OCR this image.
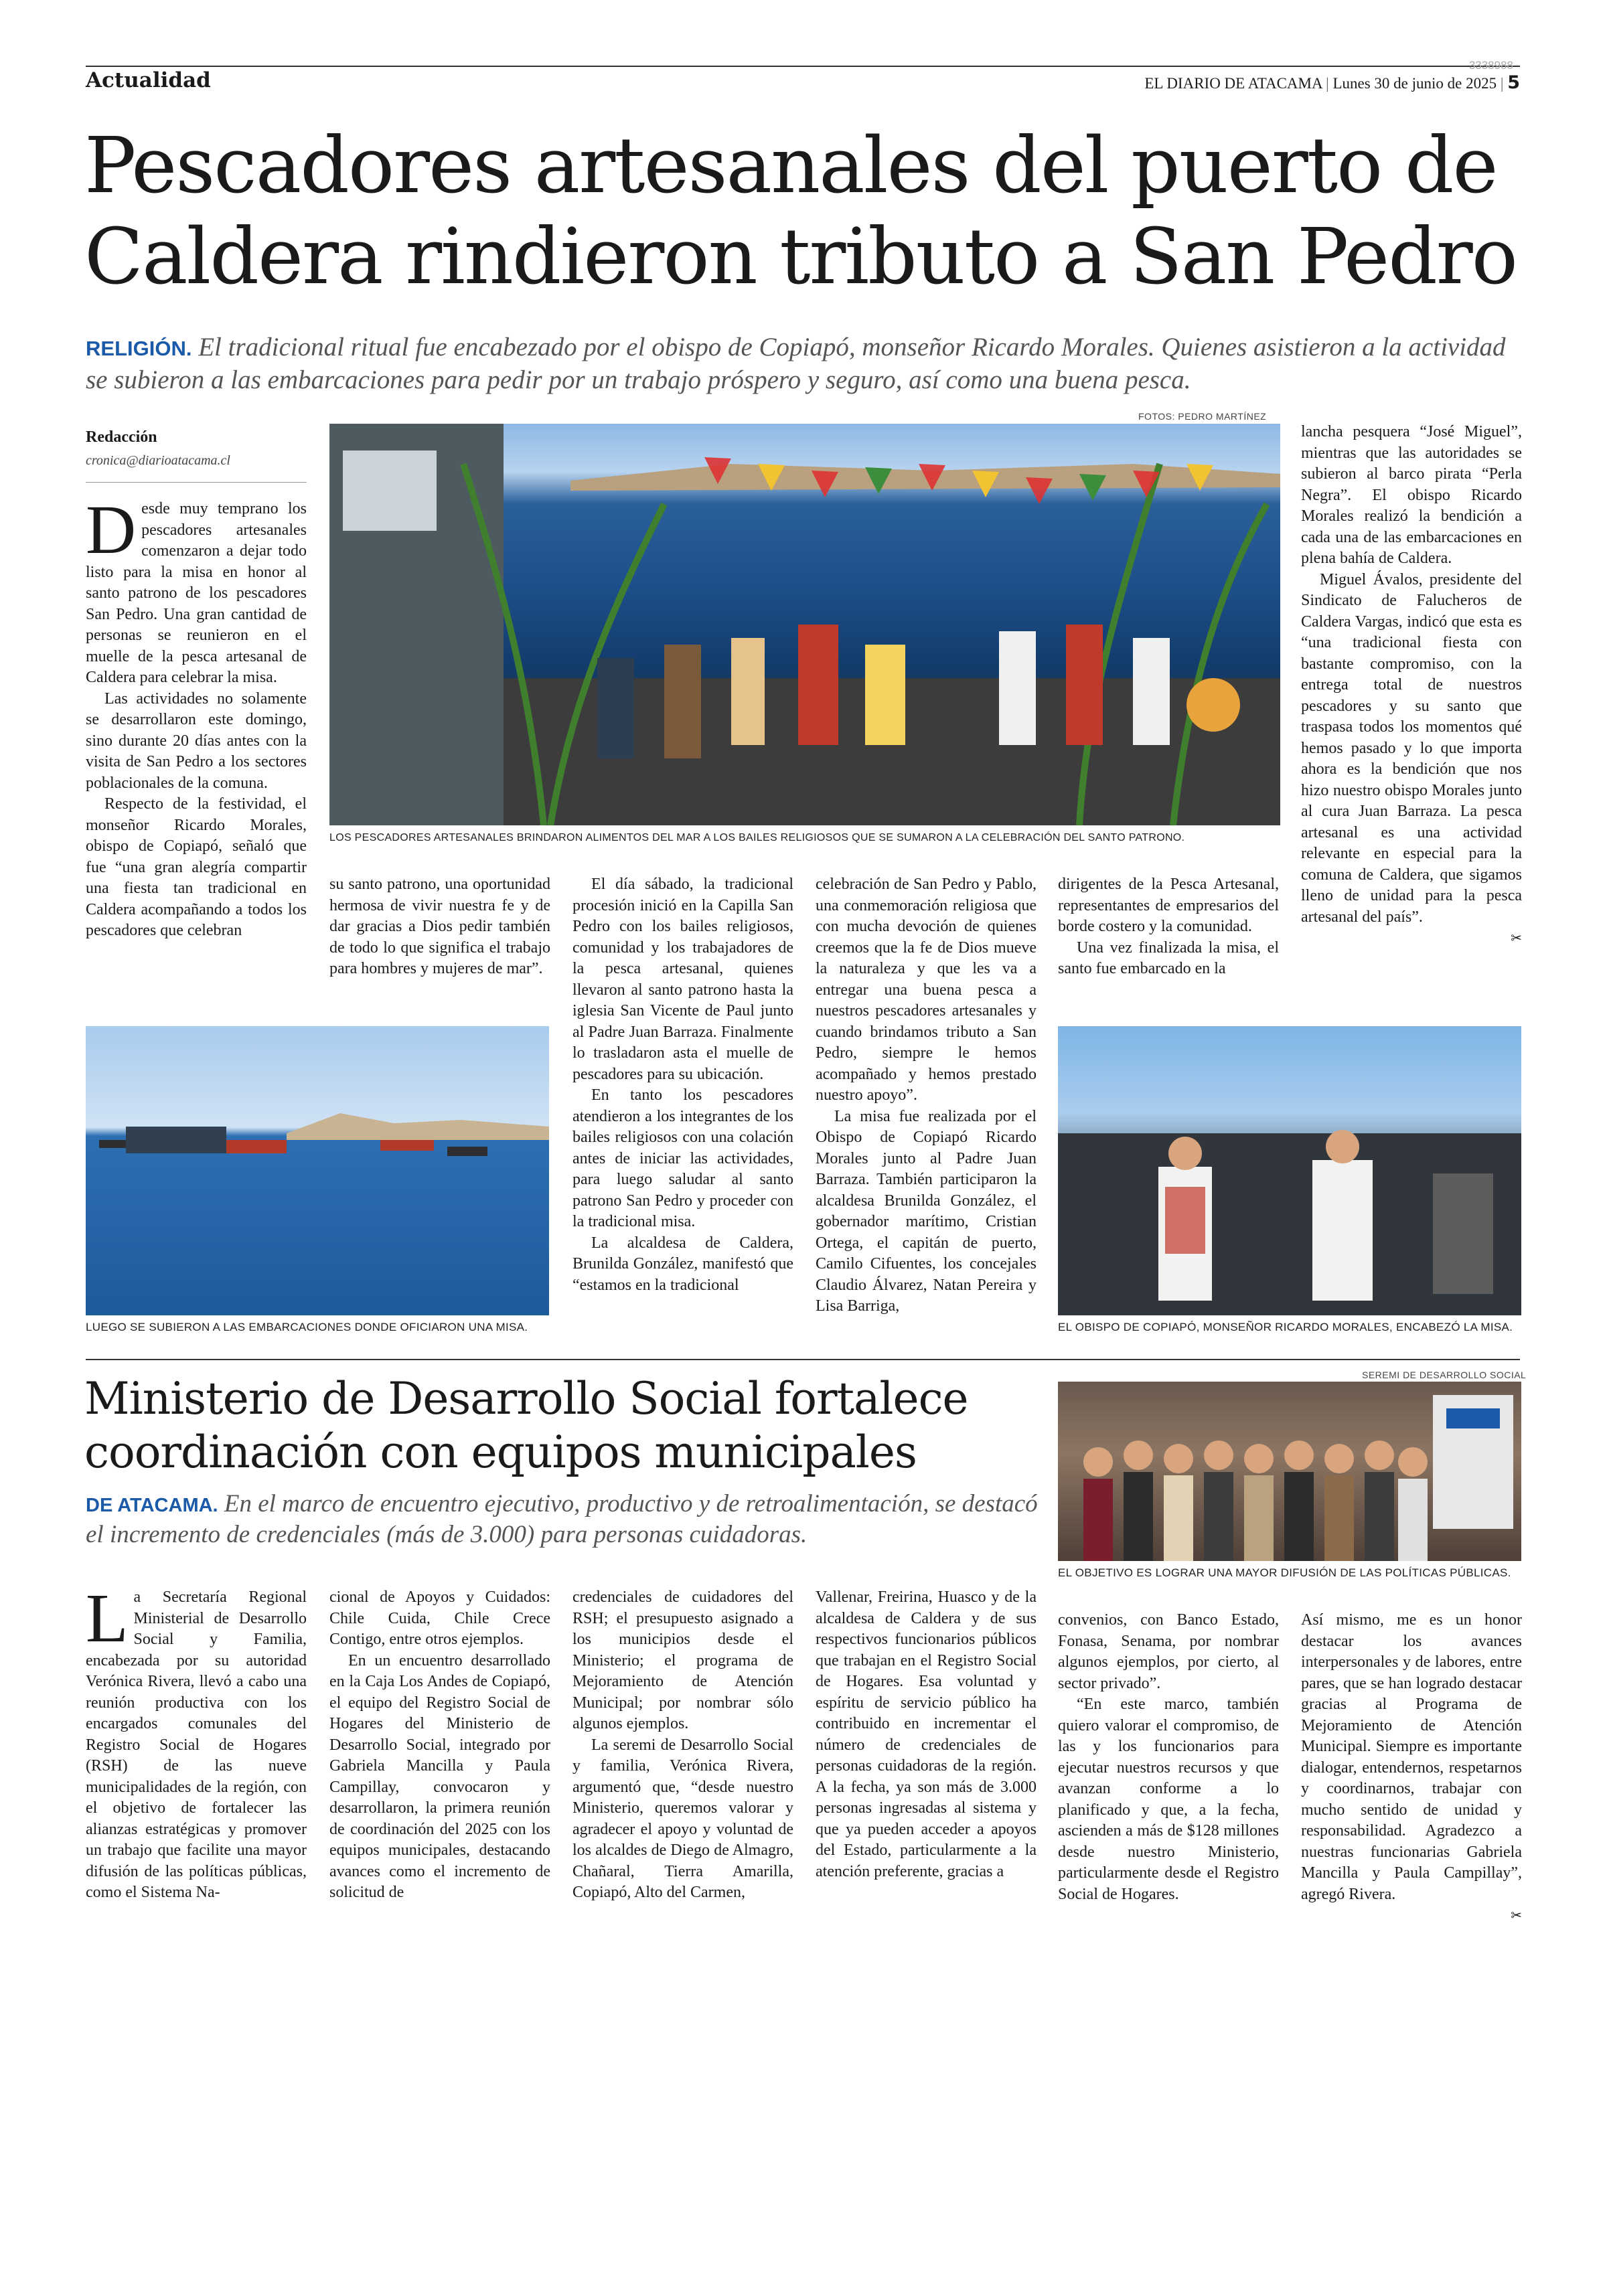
Actualidad
3338988
EL DIARIO DE ATACAMA | Lunes 30 de junio de 2025 | 5
Pescadores artesanales del puerto de
Caldera rindieron tributo a San Pedro
RELIGIÓN. El tradicional ritual fue encabezado por el obispo de Copiapó, monseñor Ricardo Morales. Quienes asistieron a la actividad se subieron a las embarcaciones para pedir por un trabajo próspero y seguro, así como una buena pesca.
Redacción
cronica@diarioatacama.cl

Desde muy temprano los pescadores artesanales comenzaron a dejar todo listo para la misa en honor al santo patrono de los pescadores San Pedro. Una gran cantidad de personas se reunieron en el muelle de la pesca artesanal de Caldera para celebrar la misa.

Las actividades no solamente se desarrollaron este domingo, sino durante 20 días antes con la visita de San Pedro a los sectores poblacionales de la comuna.

Respecto de la festividad, el monseñor Ricardo Morales, obispo de Copiapó, señaló que fue “una gran alegría compartir una fiesta tan tradicional en Caldera acompañando a todos los pescadores que celebran

FOTOS: PEDRO MARTÍNEZ
LOS PESCADORES ARTESANALES BRINDARON ALIMENTOS DEL MAR A LOS BAILES RELIGIOSOS QUE SE SUMARON A LA CELEBRACIÓN DEL SANTO PATRONO.

lancha pesquera “José Miguel”, mientras que las autoridades se subieron al barco pirata “Perla Negra”. El obispo Ricardo Morales realizó la bendición a cada una de las embarcaciones en plena bahía de Caldera.

Miguel Ávalos, presidente del Sindicato de Falucheros de Caldera Vargas, indicó que esta es “una tradicional fiesta con bastante compromiso, con la entrega total de nuestros pescadores y su santo que traspasa todos los momentos qué hemos pasado y lo que importa ahora es la bendición que nos hizo nuestro obispo Morales junto al cura Juan Barraza. La pesca artesanal es una actividad relevante en especial para la comuna de Caldera, que sigamos lleno de unidad para la pesca artesanal del país”.

✂

su santo patrono, una oportunidad hermosa de vivir nuestra fe y de dar gracias a Dios pedir también de todo lo que significa el trabajo para hombres y mujeres de mar”.

El día sábado, la tradicional procesión inició en la Capilla San Pedro con los bailes religiosos, comunidad y los trabajadores de la pesca artesanal, quienes llevaron al santo patrono hasta la iglesia San Vicente de Paul junto al Padre Juan Barraza. Finalmente lo trasladaron asta el muelle de pescadores para su ubicación.

En tanto los pescadores atendieron a los integrantes de los bailes religiosos con una colación antes de iniciar las actividades, para luego saludar al santo patrono San Pedro y proceder con la tradicional misa.

La alcaldesa de Caldera, Brunilda González, manifestó que “estamos en la tradicional

celebración de San Pedro y Pablo, una conmemoración religiosa que con mucha devoción de quienes creemos que la fe de Dios mueve la naturaleza y que les va a entregar una buena pesca a nuestros pescadores artesanales y cuando brindamos tributo a San Pedro, siempre le hemos acompañado y hemos prestado nuestro apoyo”.

La misa fue realizada por el Obispo de Copiapó Ricardo Morales junto al Padre Juan Barraza. También participaron la alcaldesa Brunilda González, el gobernador marítimo, Cristian Ortega, el capitán de puerto, Camilo Cifuentes, los concejales Claudio Álvarez, Natan Pereira y Lisa Barriga,

dirigentes de la Pesca Artesanal, representantes de empresarios del borde costero y la comunidad.

Una vez finalizada la misa, el santo fue embarcado en la

LUEGO SE SUBIERON A LAS EMBARCACIONES DONDE OFICIARON UNA MISA.	EL OBISPO DE COPIAPÓ, MONSEÑOR RICARDO MORALES, ENCABEZÓ LA MISA.
Ministerio de Desarrollo Social fortalece
coordinación con equipos municipales
DE ATACAMA. En el marco de encuentro ejecutivo, productivo y de retroalimentación, se destacó el incremento de credenciales (más de 3.000) para personas cuidadoras.
SEREMI DE DESARROLLO SOCIAL
EL OBJETIVO ES LOGRAR UNA MAYOR DIFUSIÓN DE LAS POLÍTICAS PÚBLICAS.

La Secretaría Regional Ministerial de Desarrollo Social y Familia, encabezada por su autoridad Verónica Rivera, llevó a cabo una reunión productiva con los encargados comunales del Registro Social de Hogares (RSH) de las nueve municipalidades de la región, con el objetivo de fortalecer las alianzas estratégicas y promover un trabajo que facilite una mayor difusión de las políticas públicas, como el Sistema Na-

cional de Apoyos y Cuidados: Chile Cuida, Chile Crece Contigo, entre otros ejemplos.

En un encuentro desarrollado en la Caja Los Andes de Copiapó, el equipo del Registro Social de Hogares del Ministerio de Desarrollo Social, integrado por Gabriela Mancilla y Paula Campillay, convocaron y desarrollaron, la primera reunión de coordinación del 2025 con los equipos municipales, destacando avances como el incremento de solicitud de

credenciales de cuidadores del RSH; el presupuesto asignado a los municipios desde el Ministerio; el programa de Mejoramiento de Atención Municipal; por nombrar sólo algunos ejemplos.

La seremi de Desarrollo Social y familia, Verónica Rivera, argumentó que, “desde nuestro Ministerio, queremos valorar y agradecer el apoyo y voluntad de los alcaldes de Diego de Almagro, Chañaral, Tierra Amarilla, Copiapó, Alto del Carmen,

Vallenar, Freirina, Huasco y de la alcaldesa de Caldera y de sus respectivos funcionarios públicos que trabajan en el Registro Social de Hogares. Esa voluntad y espíritu de servicio público ha contribuido en incrementar el número de credenciales de personas cuidadoras de la región. A la fecha, ya son más de 3.000 personas ingresadas al sistema y que ya pueden acceder a apoyos del Estado, particularmente a la atención preferente, gracias a

convenios, con Banco Estado, Fonasa, Senama, por nombrar algunos ejemplos, por cierto, al sector privado”.

“En este marco, también quiero valorar el compromiso, de las y los funcionarios para ejecutar nuestros recursos y que avanzan conforme a lo planificado y que, a la fecha, ascienden a más de $128 millones desde nuestro Ministerio, particularmente desde el Registro Social de Hogares.

Así mismo, me es un honor destacar los avances interpersonales y de labores, entre pares, que se han logrado destacar gracias al Programa de Mejoramiento de Atención Municipal. Siempre es importante dialogar, entendernos, respetarnos y coordinarnos, trabajar con mucho sentido de unidad y responsabilidad. Agradezco a nuestras funcionarias Gabriela Mancilla y Paula Campillay”, agregó Rivera.

✂
